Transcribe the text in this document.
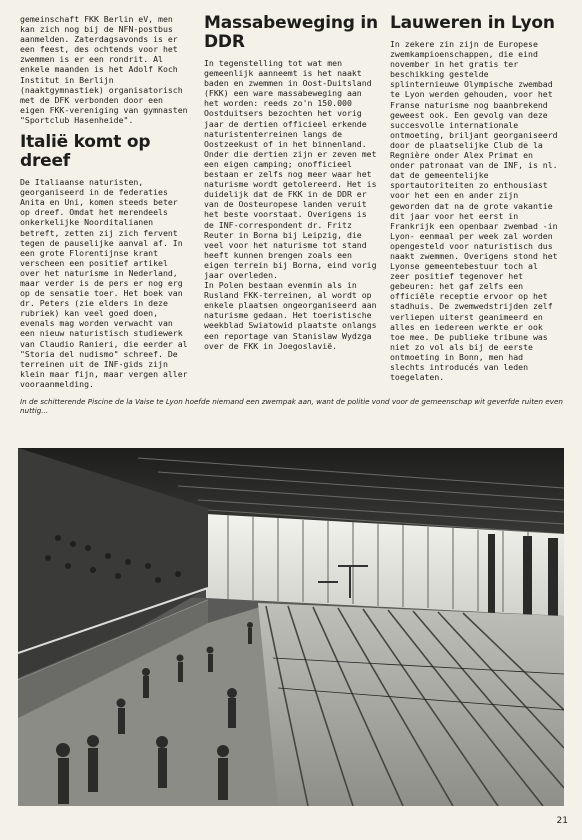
gemeinschaft FKK Berlin eV, men kan zich nog bij de NFN-postbus aanmelden. Zaterdagsavonds is er een feest, des ochtends voor het zwemmen is er een rondrit. Al enkele maanden is het Adolf Koch Institut in Berlijn (naaktgymnastiek) organisatorisch met de DFK verbonden door een eigen FKK-vereniging van gymnasten "Sportclub Hasenheide".

Italië komt op dreef

De Italiaanse naturisten, georganiseerd in de federaties Anita en Uni, komen steeds beter op dreef. Omdat het merendeels onkerkelijke Noorditalianen betreft, zetten zij zich fervent tegen de pauselijke aanval af. In een grote Florentijnse krant verscheen een positief artikel over het naturisme in Nederland, maar verder is de pers er nog erg op de sensatie toer. Het boek van dr. Peters (zie elders in deze rubriek) kan veel goed doen, evenals mag worden verwacht van een nieuw naturistisch studiewerk van Claudio Ranieri, die eerder al "Storia del nudismo" schreef. De terreinen uit de INF-gids zijn klein maar fijn, maar vergen aller vooraanmelding.

Massabeweging in DDR

In tegenstelling tot wat men gemeenlijk aanneemt is het naakt baden en zwemmen in Oost-Duitsland (FKK) een ware massabeweging aan het worden: reeds zo'n 150.000 Oostduitsers bezochten het vorig jaar de dertien officieel erkende naturistenterreinen langs de Oostzeekust of in het binnenland. Onder die dertien zijn er zeven met een eigen camping; onofficieel bestaan er zelfs nog meer waar het naturisme wordt getolereerd. Het is duidelijk dat de FKK in de DDR er van de Oosteuropese landen veruit het beste voorstaat. Overigens is de INF-correspondent dr. Fritz Reuter in Borna bij Leipzig, die veel voor het naturisme tot stand heeft kunnen brengen zoals een eigen terrein bij Borna, eind vorig jaar overleden.

In Polen bestaan evenmin als in Rusland FKK-terreinen, al wordt op enkele plaatsen ongeorganiseerd aan naturisme gedaan. Het toeristische weekblad Swiatowid plaatste onlangs een reportage van Stanislaw Wydzga over de FKK in Joegoslavië.

Lauweren in Lyon

In zekere zin zijn de Europese zwemkampioenschappen, die eind november in het gratis ter beschikking gestelde splinternieuwe Olympische zwembad te Lyon werden gehouden, voor het Franse naturisme nog baanbrekend geweest ook. Een gevolg van deze succesvolle internationale ontmoeting, briljant georganiseerd door de plaatselijke Club de la Regnière onder Alex Primat en onder patronaat van de INF, is nl. dat de gemeentelijke sportautoriteiten zo enthousiast voor het een en ander zijn geworden dat na de grote vakantie dit jaar voor het eerst in Frankrijk een openbaar zwembad -in Lyon- eenmaal per week zal worden opengesteld voor naturistisch dus naakt zwemmen. Overigens stond het Lyonse gemeentebestuur toch al zeer positief tegenover het gebeuren: het gaf zelfs een officiële receptie ervoor op het stadhuis. De zwemwedstrijden zelf verliepen uiterst geanimeerd en alles en iedereen werkte er ook toe mee. De publieke tribune was niet zo vol als bij de eerste ontmoeting in Bonn, men had slechts introducés van leden toegelaten.

In de schitterende Piscine de la Vaise te Lyon hoefde niemand een zwempak aan, want de politie vond voor de gemeenschap wit geverfde ruiten even nuttig...

21
